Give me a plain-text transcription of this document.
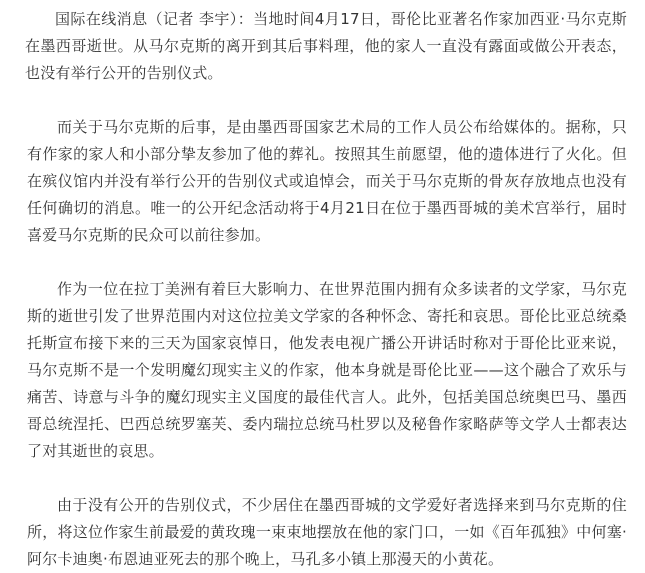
国际在线消息（记者 李宇）：当地时间4月17日，哥伦比亚著名作家加西亚·马尔克斯在墨西哥逝世。从马尔克斯的离开到其后事料理，他的家人一直没有露面或做公开表态，也没有举行公开的告别仪式。

而关于马尔克斯的后事，是由墨西哥国家艺术局的工作人员公布给媒体的。据称，只有作家的家人和小部分挚友参加了他的葬礼。按照其生前愿望，他的遗体进行了火化。但在殡仪馆内并没有举行公开的告别仪式或追悼会，而关于马尔克斯的骨灰存放地点也没有任何确切的消息。唯一的公开纪念活动将于4月21日在位于墨西哥城的美术宫举行，届时喜爱马尔克斯的民众可以前往参加。

作为一位在拉丁美洲有着巨大影响力、在世界范围内拥有众多读者的文学家，马尔克斯的逝世引发了世界范围内对这位拉美文学家的各种怀念、寄托和哀思。哥伦比亚总统桑托斯宣布接下来的三天为国家哀悼日，他发表电视广播公开讲话时称对于哥伦比亚来说，马尔克斯不是一个发明魔幻现实主义的作家，他本身就是哥伦比亚——这个融合了欢乐与痛苦、诗意与斗争的魔幻现实主义国度的最佳代言人。此外，包括美国总统奥巴马、墨西哥总统涅托、巴西总统罗塞芙、委内瑞拉总统马杜罗以及秘鲁作家略萨等文学人士都表达了对其逝世的哀思。

由于没有公开的告别仪式，不少居住在墨西哥城的文学爱好者选择来到马尔克斯的住所，将这位作家生前最爱的黄玫瑰一束束地摆放在他的家门口，一如《百年孤独》中何塞·阿尔卡迪奥·布恩迪亚死去的那个晚上，马孔多小镇上那漫天的小黄花。
